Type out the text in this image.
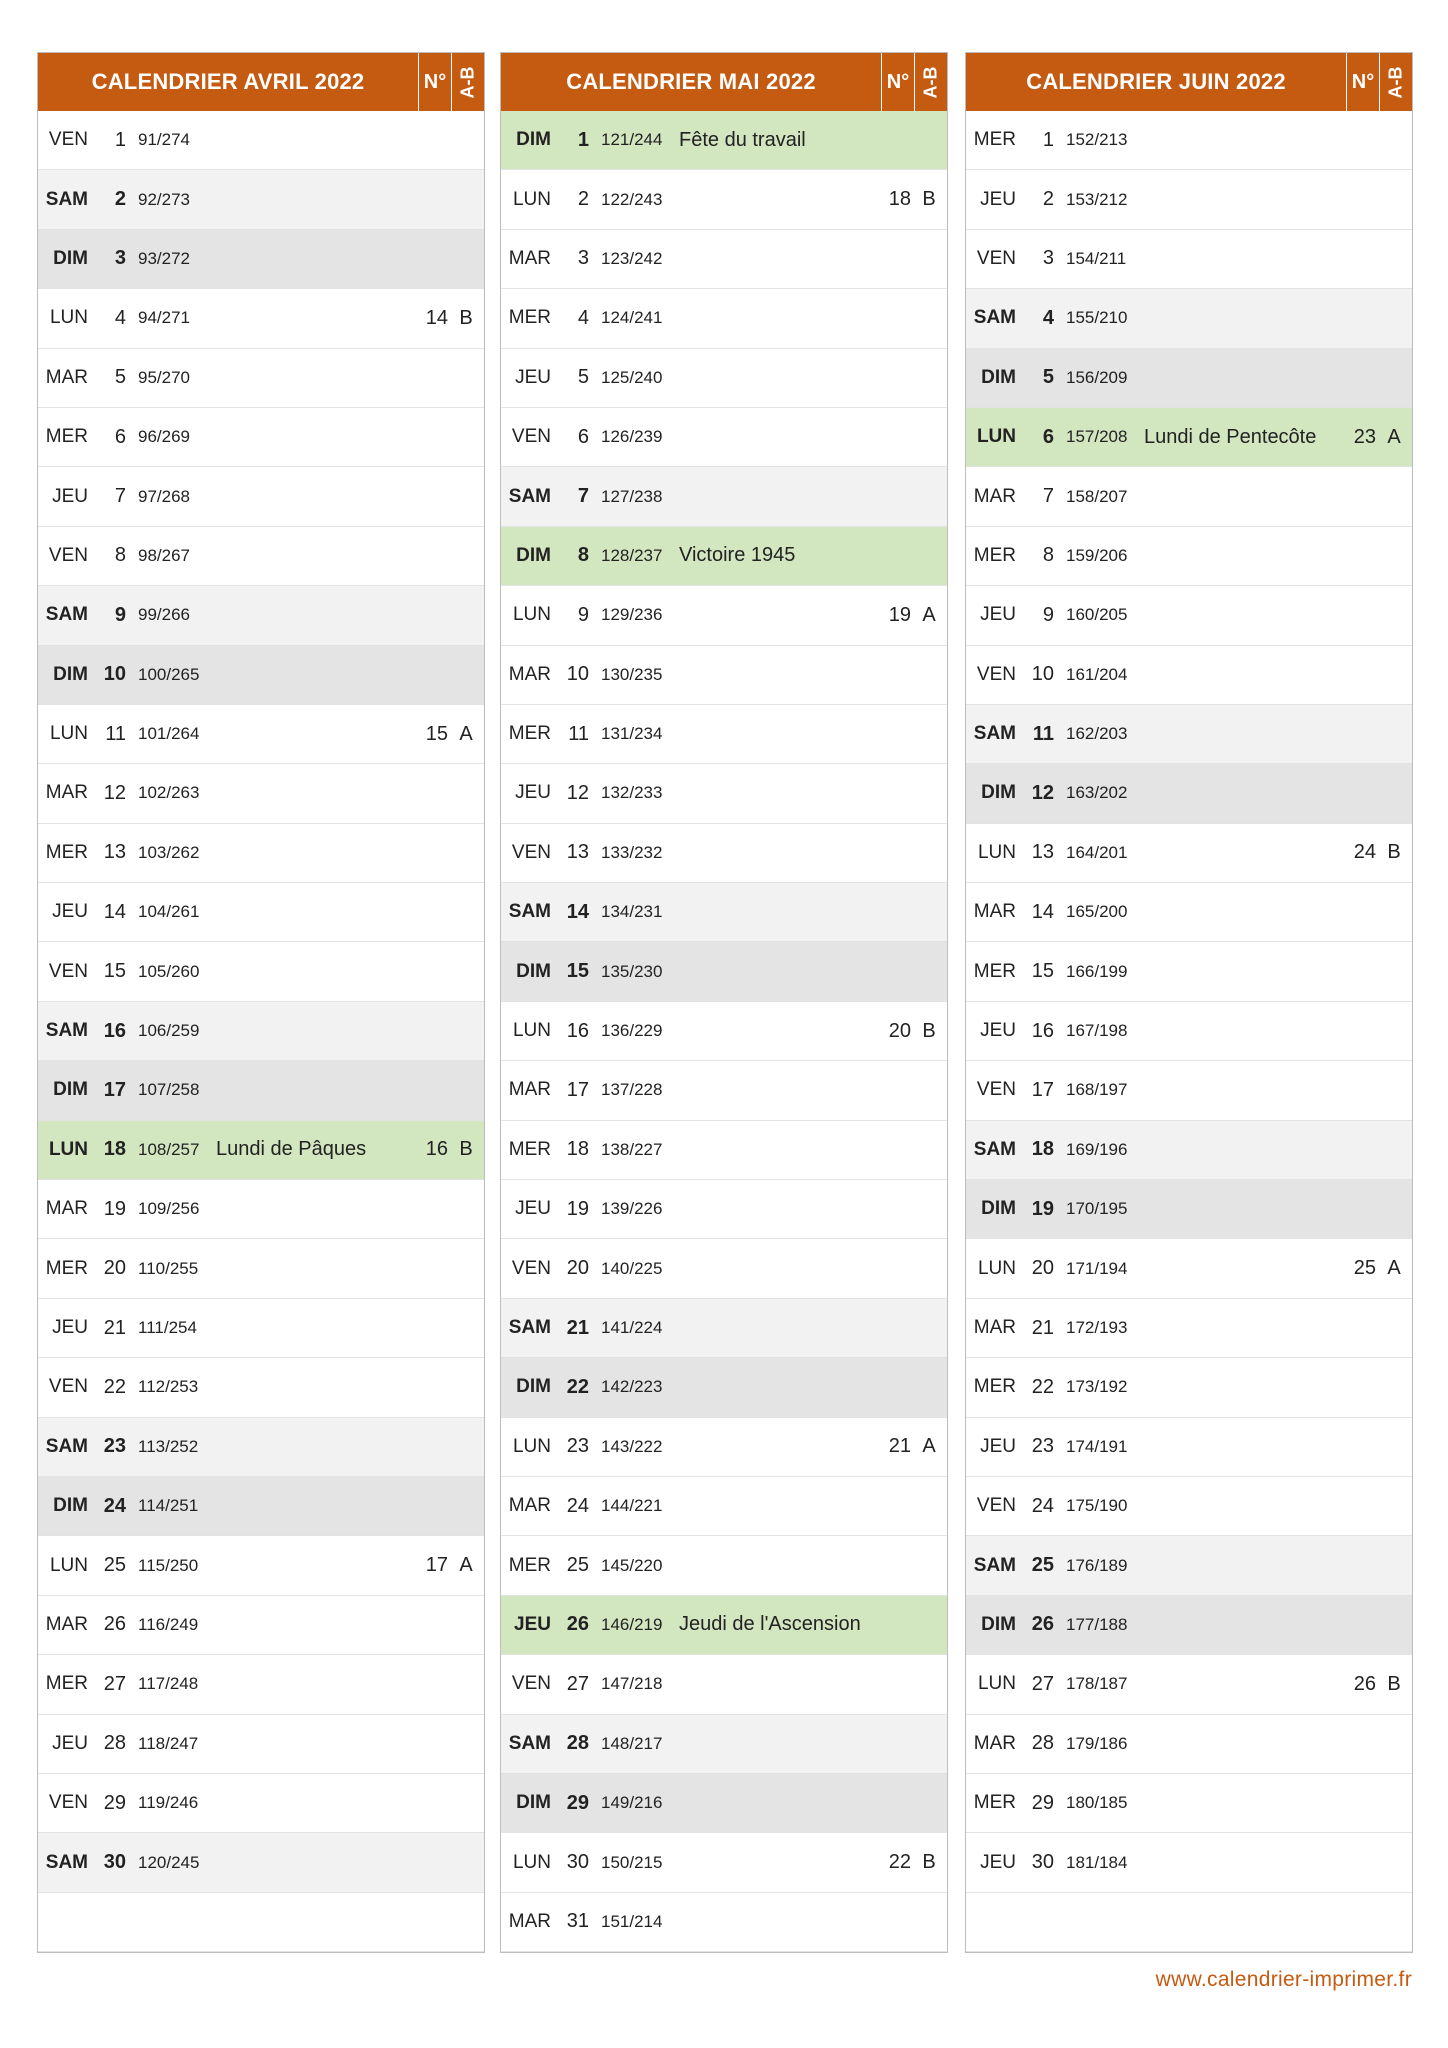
CALENDRIER AVRIL 2022	N° A-B
VEN	1 91/274
SAM	2 92/273
DIM	3 93/272
LUN	4 94/271	14 B
MAR	5 95/270
MER	6 96/269
JEU	7 97/268
VEN	8 98/267
SAM	9 99/266
DIM 10 100/265
LUN 11 101/264	15 A
MAR 12 102/263
MER 13 103/262
JEU 14 104/261
VEN 15 105/260
SAM 16 106/259
DIM 17 107/258
LUN 18 108/257 Lundi de Pâques	16 B
MAR 19 109/256
MER 20 110/255
JEU 21 111/254
VEN 22 112/253
SAM 23 113/252
DIM 24 114/251
LUN 25 115/250	17 A
MAR 26 116/249
MER 27 117/248
JEU 28 118/247
VEN 29 119/246
SAM 30 120/245
CALENDRIER MAI 2022	N° A-B
DIM	1 121/244 Fête du travail
LUN	2 122/243	18 B
MAR	3 123/242
MER	4 124/241
JEU	5 125/240
VEN	6 126/239
SAM	7 127/238
DIM	8 128/237 Victoire 1945
LUN	9 129/236	19 A
MAR 10 130/235
MER 11 131/234
JEU 12 132/233
VEN 13 133/232
SAM 14 134/231
DIM 15 135/230
LUN 16 136/229	20 B
MAR 17 137/228
MER 18 138/227
JEU 19 139/226
VEN 20 140/225
SAM 21 141/224
DIM 22 142/223
LUN 23 143/222	21 A
MAR 24 144/221
MER 25 145/220
JEU 26 146/219 Jeudi de l'Ascension
VEN 27 147/218
SAM 28 148/217
DIM 29 149/216
LUN 30 150/215	22 B
MAR 31 151/214
CALENDRIER JUIN 2022	N° A-B
MER	1 152/213
JEU	2 153/212
VEN	3 154/211
SAM	4 155/210
DIM	5 156/209
LUN	6 157/208 Lundi de Pentecôte	23 A
MAR	7 158/207
MER	8 159/206
JEU	9 160/205
VEN 10 161/204
SAM 11 162/203
DIM 12 163/202
LUN 13 164/201	24 B
MAR 14 165/200
MER 15 166/199
JEU 16 167/198
VEN 17 168/197
SAM 18 169/196
DIM 19 170/195
LUN 20 171/194	25 A
MAR 21 172/193
MER 22 173/192
JEU 23 174/191
VEN 24 175/190
SAM 25 176/189
DIM 26 177/188
LUN 27 178/187	26 B
MAR 28 179/186
MER 29 180/185
JEU 30 181/184
www.calendrier-imprimer.fr
